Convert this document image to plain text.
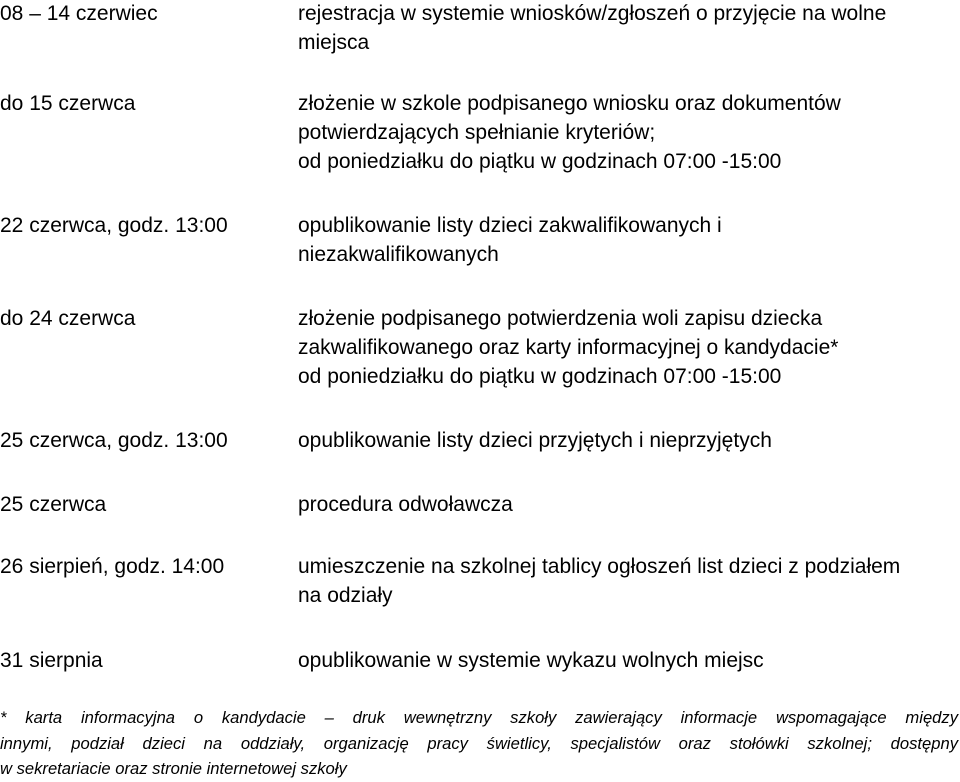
08 – 14 czerwiec	rejestracja w systemie wniosków/zgłoszeń o przyjęcie na wolne
miejsca
do 15 czerwca	złożenie w szkole podpisanego wniosku oraz dokumentów
potwierdzających spełnianie kryteriów;
od poniedziałku do piątku w godzinach 07:00 -15:00
22 czerwca, godz. 13:00	opublikowanie listy dzieci zakwalifikowanych i
niezakwalifikowanych
do 24 czerwca	złożenie podpisanego potwierdzenia woli zapisu dziecka
zakwalifikowanego oraz karty informacyjnej o kandydacie*
od poniedziałku do piątku w godzinach 07:00 -15:00
25 czerwca, godz. 13:00	opublikowanie listy dzieci przyjętych i nieprzyjętych
25 czerwca	procedura odwoławcza
26 sierpień, godz. 14:00	umieszczenie na szkolnej tablicy ogłoszeń list dzieci z podziałem
na odziały
31 sierpnia	opublikowanie w systemie wykazu wolnych miejsc
* karta informacyjna o kandydacie – druk wewnętrzny szkoły zawierający informacje wspomagające między
innymi, podział dzieci na oddziały, organizację pracy świetlicy, specjalistów oraz stołówki szkolnej; dostępny
w sekretariacie oraz stronie internetowej szkoły
